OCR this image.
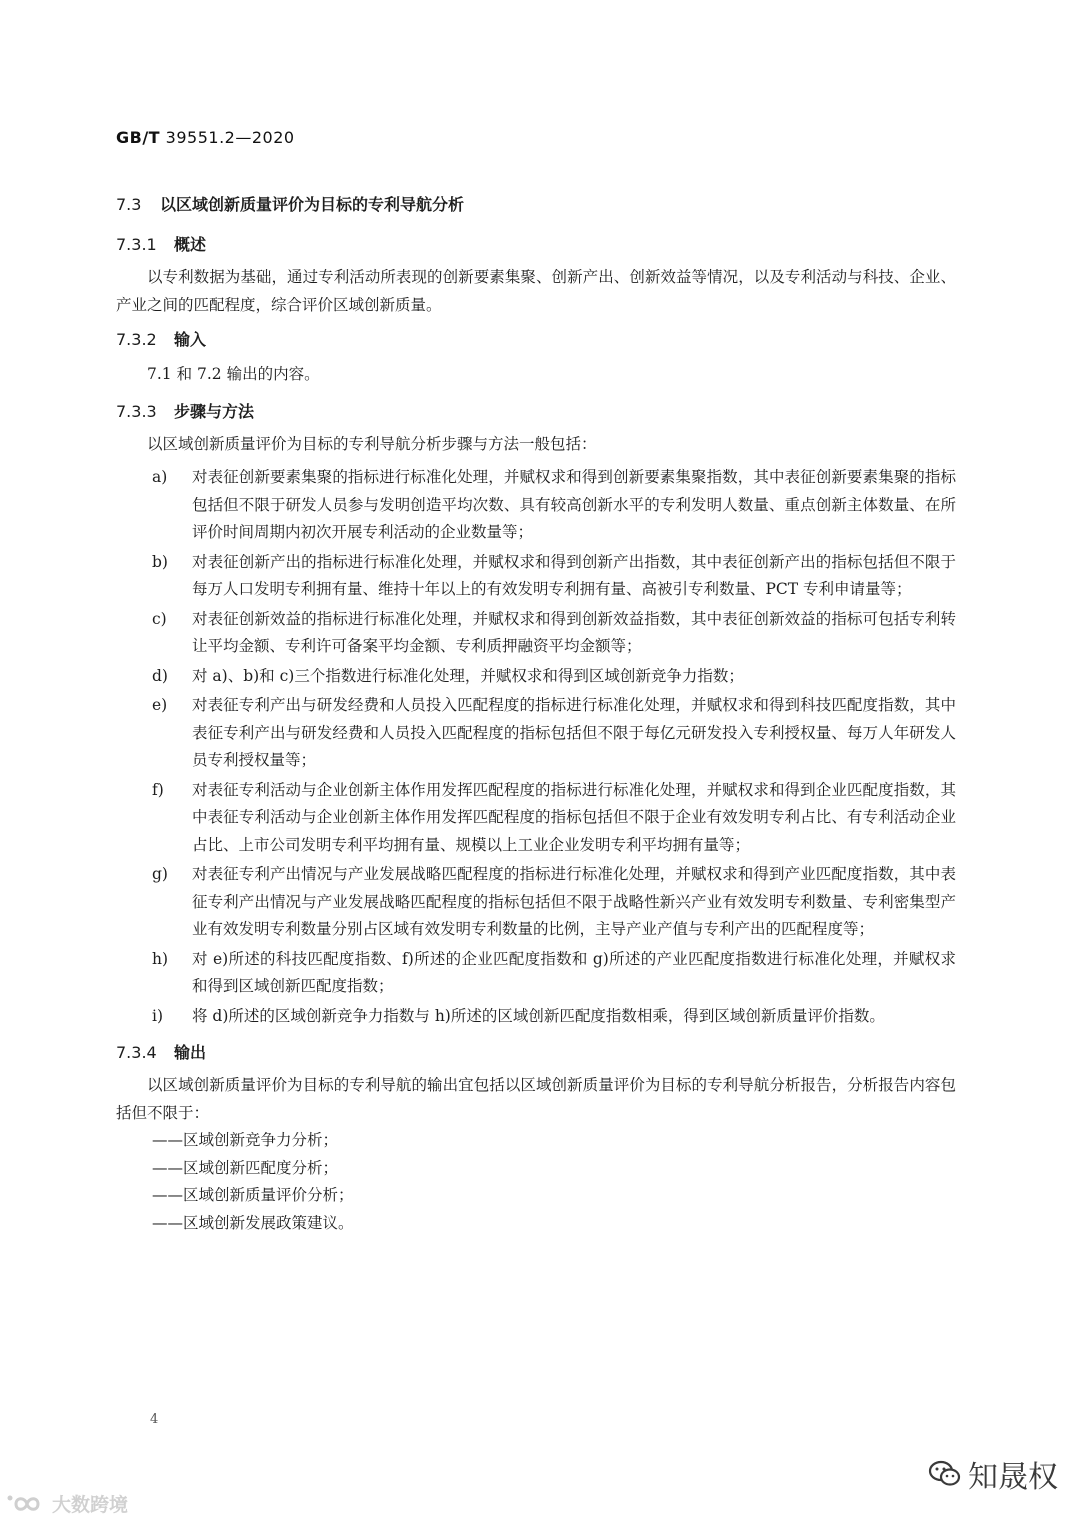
GB/T 39551.2—2020
7.3 以区域创新质量评价为目标的专利导航分析
7.3.1 概述

以专利数据为基础，通过专利活动所表现的创新要素集聚、创新产出、创新效益等情况，以及专利活动与科技、企业、产业之间的匹配程度，综合评价区域创新质量。

7.3.2 输入

7.1 和 7.2 输出的内容。

7.3.3 步骤与方法

以区域创新质量评价为目标的专利导航分析步骤与方法一般包括：

a) 对表征创新要素集聚的指标进行标准化处理，并赋权求和得到创新要素集聚指数，其中表征创新要素集聚的指标包括但不限于研发人员参与发明创造平均次数、具有较高创新水平的专利发明人数量、重点创新主体数量、在所评价时间周期内初次开展专利活动的企业数量等；
b) 对表征创新产出的指标进行标准化处理，并赋权求和得到创新产出指数，其中表征创新产出的指标包括但不限于每万人口发明专利拥有量、维持十年以上的有效发明专利拥有量、高被引专利数量、PCT 专利申请量等；
c) 对表征创新效益的指标进行标准化处理，并赋权求和得到创新效益指数，其中表征创新效益的指标可包括专利转让平均金额、专利许可备案平均金额、专利质押融资平均金额等；
d) 对 a)、b)和 c)三个指数进行标准化处理，并赋权求和得到区域创新竞争力指数；
e) 对表征专利产出与研发经费和人员投入匹配程度的指标进行标准化处理，并赋权求和得到科技匹配度指数，其中表征专利产出与研发经费和人员投入匹配程度的指标包括但不限于每亿元研发投入专利授权量、每万人年研发人员专利授权量等；
f) 对表征专利活动与企业创新主体作用发挥匹配程度的指标进行标准化处理，并赋权求和得到企业匹配度指数，其中表征专利活动与企业创新主体作用发挥匹配程度的指标包括但不限于企业有效发明专利占比、有专利活动企业占比、上市公司发明专利平均拥有量、规模以上工业企业发明专利平均拥有量等；
g) 对表征专利产出情况与产业发展战略匹配程度的指标进行标准化处理，并赋权求和得到产业匹配度指数，其中表征专利产出情况与产业发展战略匹配程度的指标包括但不限于战略性新兴产业有效发明专利数量、专利密集型产业有效发明专利数量分别占区域有效发明专利数量的比例，主导产业产值与专利产出的匹配程度等；
h) 对 e)所述的科技匹配度指数、f)所述的企业匹配度指数和 g)所述的产业匹配度指数进行标准化处理，并赋权求和得到区域创新匹配度指数；
i) 将 d)所述的区域创新竞争力指数与 h)所述的区域创新匹配度指数相乘，得到区域创新质量评价指数。
7.3.4 输出

以区域创新质量评价为目标的专利导航的输出宜包括以区域创新质量评价为目标的专利导航分析报告，分析报告内容包括但不限于：

——区域创新竞争力分析；
——区域创新匹配度分析；
——区域创新质量评价分析；
——区域创新发展政策建议。
4
大数跨境
知晟权
